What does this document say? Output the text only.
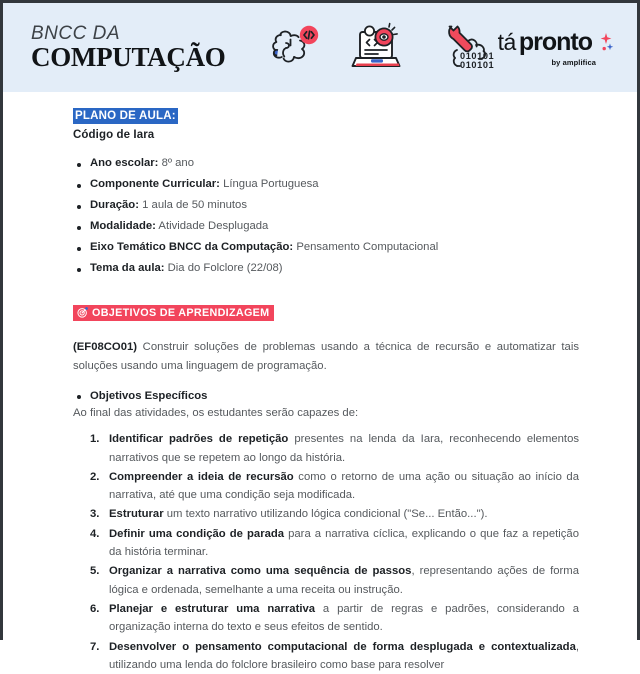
BNCC DA
COMPUTAÇÃO	010101
010101
tá pronto
by amplifica
PLANO DE AULA:
Código de Iara
Ano escolar: 8º ano
Componente Curricular: Língua Portuguesa
Duração: 1 aula de 50 minutos
Modalidade: Atividade Desplugada
Eixo Temático BNCC da Computação: Pensamento Computacional
Tema da aula: Dia do Folclore (22/08)
OBJETIVOS DE APRENDIZAGEM

(EF08CO01) Construir soluções de problemas usando a técnica de recursão e automatizar tais soluções usando uma linguagem de programação.

Objetivos Específicos
Ao final das atividades, os estudantes serão capazes de:
Identificar padrões de repetição presentes na lenda da Iara, reconhecendo elementos narrativos que se repetem ao longo da história.
Compreender a ideia de recursão como o retorno de uma ação ou situação ao início da narrativa, até que uma condição seja modificada.
Estruturar um texto narrativo utilizando lógica condicional ("Se... Então...").
Definir uma condição de parada para a narrativa cíclica, explicando o que faz a repetição da história terminar.
Organizar a narrativa como uma sequência de passos, representando ações de forma lógica e ordenada, semelhante a uma receita ou instrução.
Planejar e estruturar uma narrativa a partir de regras e padrões, considerando a organização interna do texto e seus efeitos de sentido.
Desenvolver o pensamento computacional de forma desplugada e contextualizada, utilizando uma lenda do folclore brasileiro como base para resolver
